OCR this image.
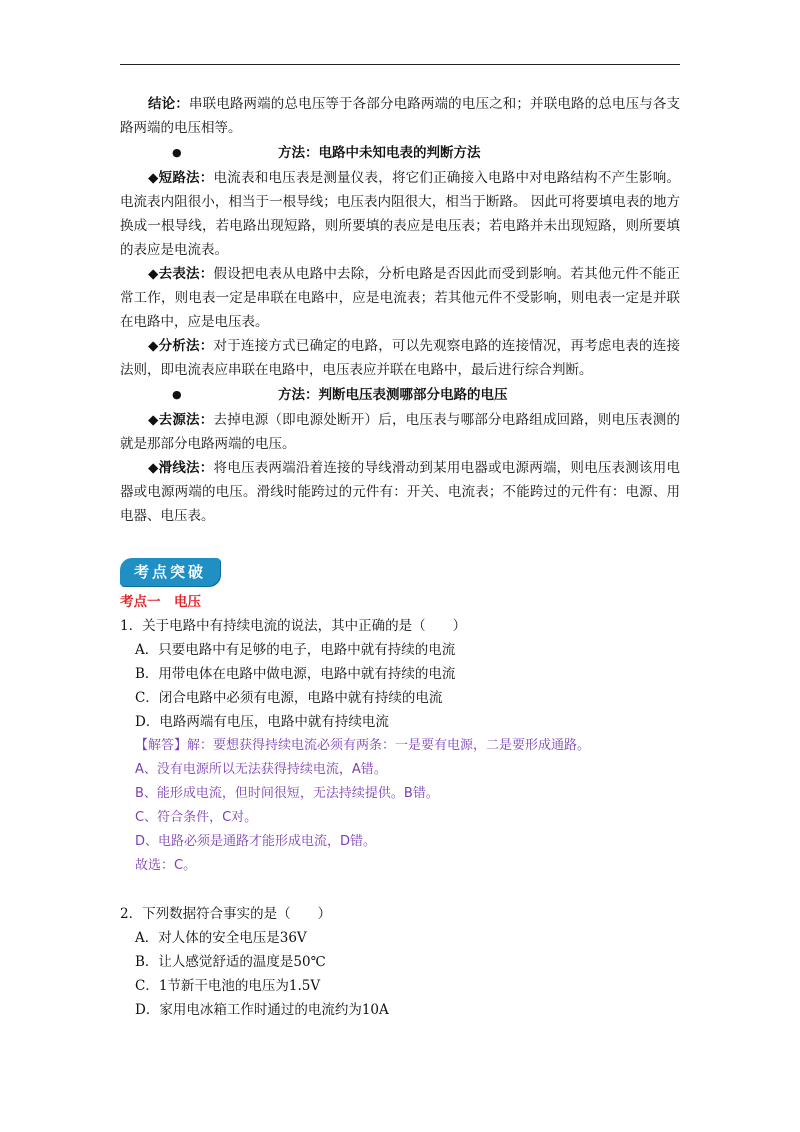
结论：串联电路两端的总电压等于各部分电路两端的电压之和；并联电路的总电压与各支路两端的电压相等。

●	方法：电路中未知电表的判断方法

◆短路法：电流表和电压表是测量仪表，将它们正确接入电路中对电路结构不产生影响。电流表内阻很小，相当于一根导线；电压表内阻很大，相当于断路。 因此可将要填电表的地方换成一根导线，若电路出现短路，则所要填的表应是电压表；若电路并未出现短路，则所要填的表应是电流表。

◆去表法：假设把电表从电路中去除，分析电路是否因此而受到影响。若其他元件不能正常工作，则电表一定是串联在电路中，应是电流表；若其他元件不受影响，则电表一定是并联在电路中，应是电压表。

◆分析法：对于连接方式已确定的电路，可以先观察电路的连接情况，再考虑电表的连接法则，即电流表应串联在电路中，电压表应并联在电路中，最后进行综合判断。

●	方法：判断电压表测哪部分电路的电压

◆去源法：去掉电源（即电源处断开）后，电压表与哪部分电路组成回路，则电压表测的就是那部分电路两端的电压。

◆滑线法：将电压表两端沿着连接的导线滑动到某用电器或电源两端，则电压表测该用电器或电源两端的电压。滑线时能跨过的元件有：开关、电流表；不能跨过的元件有：电源、用电器、电压表。

考点突破
考点一　电压

1．关于电路中有持续电流的说法，其中正确的是（　　）

A．只要电路中有足够的电子，电路中就有持续的电流

B．用带电体在电路中做电源，电路中就有持续的电流

C．闭合电路中必须有电源，电路中就有持续的电流

D．电路两端有电压，电路中就有持续电流

【解答】解：要想获得持续电流必须有两条：一是要有电源，二是要形成通路。

A、没有电源所以无法获得持续电流，A错。

B、能形成电流，但时间很短，无法持续提供。B错。

C、符合条件，C对。

D、电路必须是通路才能形成电流，D错。

故选：C。

2．下列数据符合事实的是（　　）

A．对人体的安全电压是36V

B．让人感觉舒适的温度是50℃

C．1节新干电池的电压为1.5V

D．家用电冰箱工作时通过的电流约为10A
